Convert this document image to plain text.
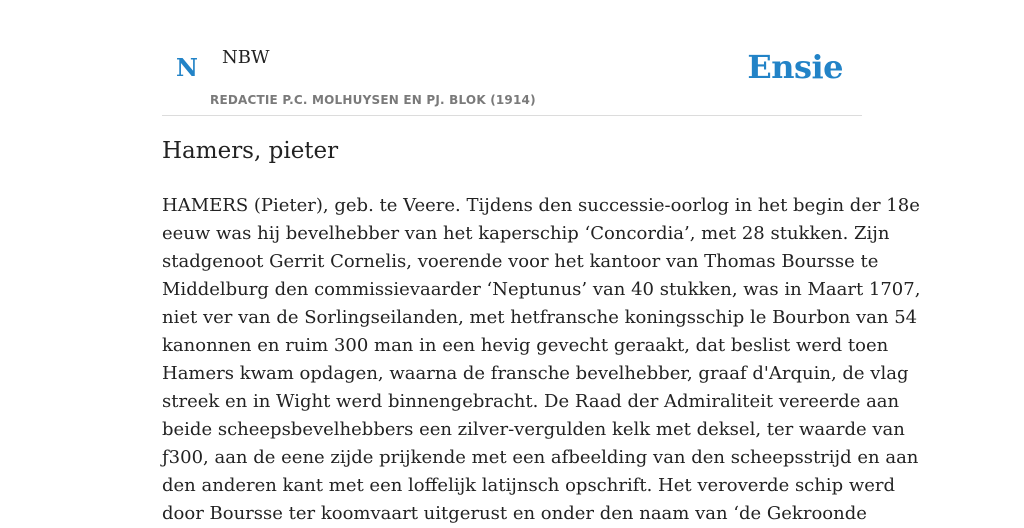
N NBW
REDACTIE P.C. MOLHUYSEN EN PJ. BLOK (1914)
Ensie
Hamers, pieter
HAMERS (Pieter), geb. te Veere. Tijdens den successie-oorlog in het begin der 18e
eeuw was hij bevelhebber van het kaperschip ‘Concordia’, met 28 stukken. Zijn
stadgenoot Gerrit Cornelis, voerende voor het kantoor van Thomas Boursse te
Middelburg den commissievaarder ‘Neptunus’ van 40 stukken, was in Maart 1707,
niet ver van de Sorlingseilanden, met hetfransche koningsschip le Bourbon van 54
kanonnen en ruim 300 man in een hevig gevecht geraakt, dat beslist werd toen
Hamers kwam opdagen, waarna de fransche bevelhebber, graaf d'Arquin, de vlag
streek en in Wight werd binnengebracht. De Raad der Admiraliteit vereerde aan
beide scheepsbevelhebbers een zilver-vergulden kelk met deksel, ter waarde van
ƒ300, aan de eene zijde prijkende met een afbeelding van den scheepsstrijd en aan
den anderen kant met een loffelijk latijnsch opschrift. Het veroverde schip werd
door Boursse ter koomvaart uitgerust en onder den naam van ‘de Gekroonde
